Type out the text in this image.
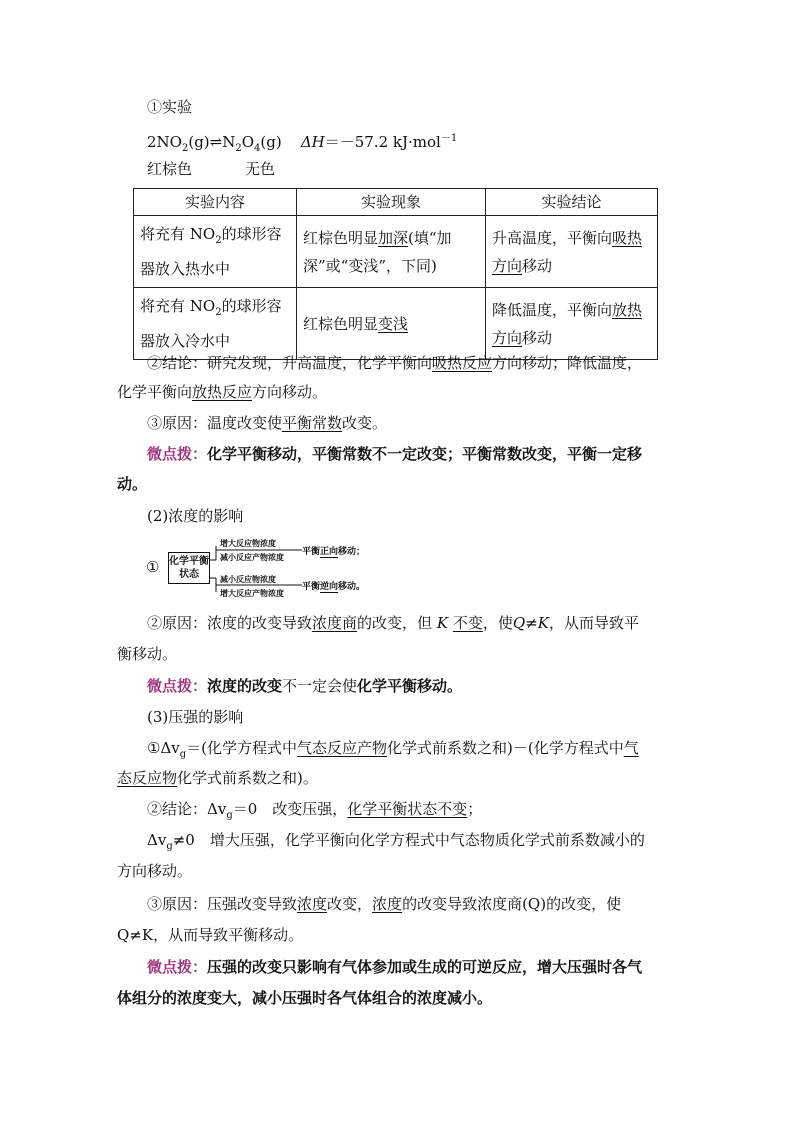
①实验
$2NO_2(g)\rightleftharpoons N_2O_4(g)$ ΔH＝－57.2 kJ·mol$^{-1}$
红棕色	无色
实验内容	实验现象	实验结论
将充有 $NO_2$的球形容器放入热水中	红棕色明显加深(填“加深”或“变浅”，下同)	升高温度，平衡向吸热方向移动
将充有 $NO_2$的球形容器放入冷水中	红棕色明显变浅	降低温度，平衡向放热方向移动
②结论：研究发现，升高温度，化学平衡向吸热反应方向移动；降低温度，
化学平衡向放热反应方向移动。
③原因：温度改变使平衡常数改变。
微点拨：化学平衡移动，平衡常数不一定改变；平衡常数改变，平衡一定移
动。
(2)浓度的影响
① 化学平衡状态
增大反应物浓度
减小反应产物浓度
减小反应物浓度
增大反应产物浓度
平衡正向移动；
平衡逆向移动。
②原因：浓度的改变导致浓度商的改变，但 K 不变，使Q≠K，从而导致平
衡移动。
微点拨：浓度的改变不一定会使化学平衡移动。
(3)压强的影响
$①\Delta v_g=$(化学方程式中气态反应产物化学式前系数之和)－(化学方程式中气
态反应物化学式前系数之和)。
②结论：$\Delta v_g=0$　改变压强，化学平衡状态不变；
$\Delta v_g\ne 0$　增大压强，化学平衡向化学方程式中气态物质化学式前系数减小的
方向移动。
③原因：压强改变导致浓度改变，浓度的改变导致浓度商(Q)的改变，使
Q≠K，从而导致平衡移动。
微点拨：压强的改变只影响有气体参加或生成的可逆反应，增大压强时各气
体组分的浓度变大，减小压强时各气体组合的浓度减小。
